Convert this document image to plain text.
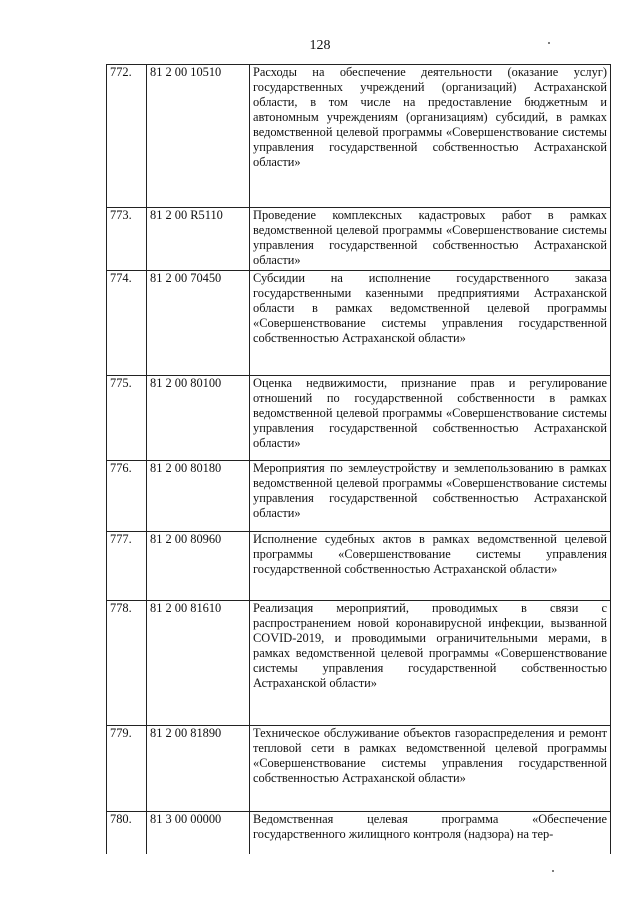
128
772.	81 2 00 10510	Расходы на обеспечение деятельности (оказание услуг) государственных учреждений (организаций) Астраханской области, в том числе на предоставление бюджетным и автономным учреждениям (организациям) субсидий, в рамках ведомственной целевой программы «Совершенствование системы управления государственной собственностью Астраханской области»
773.	81 2 00 R5110	Проведение комплексных кадастровых работ в рамках ведомственной целевой программы «Совершенствование системы управления государственной собственностью Астраханской области»
774.	81 2 00 70450	Субсидии на исполнение государственного заказа государственными казенными предприятиями Астраханской области в рамках ведомственной целевой программы «Совершенствование системы управления государственной собственностью Астраханской области»
775.	81 2 00 80100	Оценка недвижимости, признание прав и регулирование отношений по государственной собственности в рамках ведомственной целевой программы «Совершенствование системы управления государственной собственностью Астраханской области»
776.	81 2 00 80180	Мероприятия по землеустройству и землепользованию в рамках ведомственной целевой программы «Совершенствование системы управления государственной собственностью Астраханской области»
777.	81 2 00 80960	Исполнение судебных актов в рамках ведомственной целевой программы «Совершенствование системы управления государственной собственностью Астраханской области»
778.	81 2 00 81610	Реализация мероприятий, проводимых в связи с распространением новой коронавирусной инфекции, вызванной COVID-2019, и проводимыми ограничительными мерами, в рамках ведомственной целевой программы «Совершенствование системы управления государственной собственностью Астраханской области»
779.	81 2 00 81890	Техническое обслуживание объектов газораспределения и ремонт тепловой сети в рамках ведомственной целевой программы «Совершенствование системы управления государственной собственностью Астраханской области»
780.	81 3 00 00000	Ведомственная целевая программа «Обеспечение государственного жилищного контроля (надзора) на тер-
